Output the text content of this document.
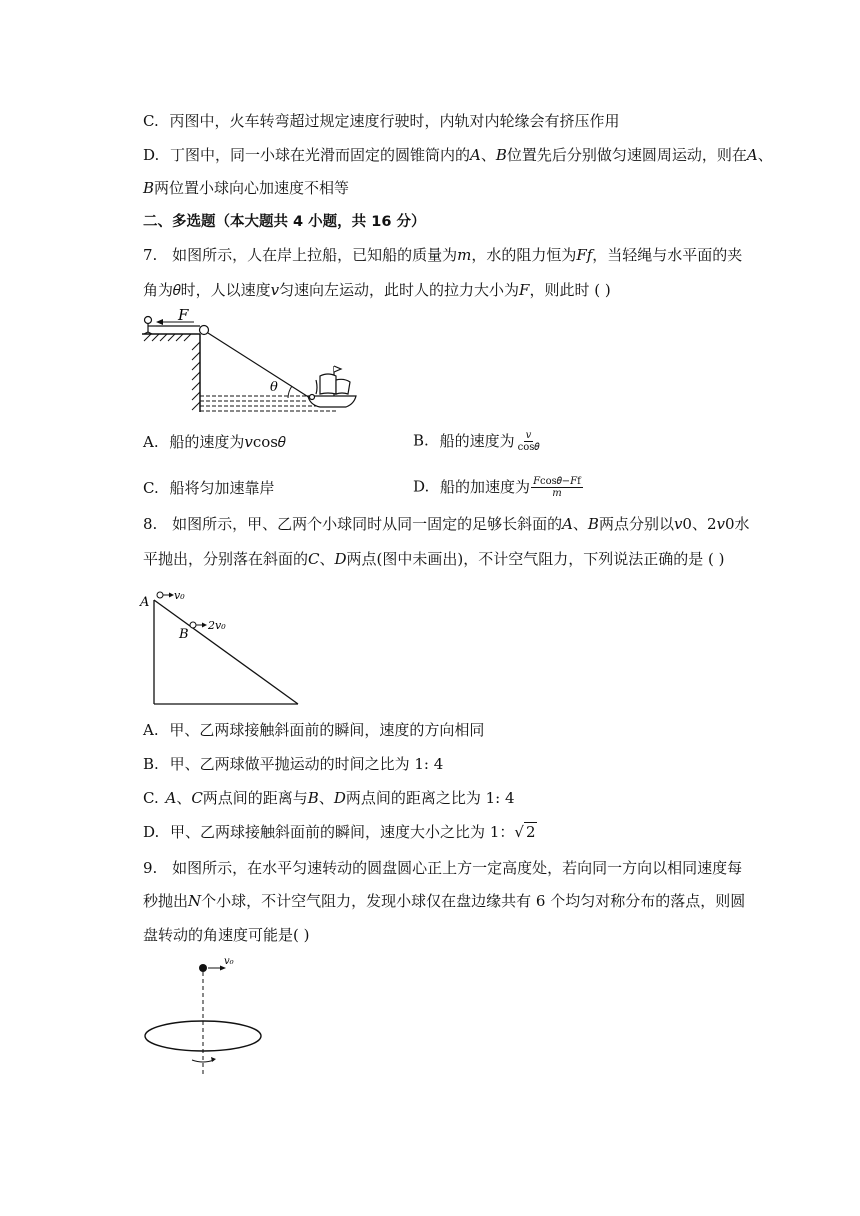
C. 丙图中，火车转弯超过规定速度行驶时，内轨对内轮缘会有挤压作用
D. 丁图中，同一小球在光滑而固定的圆锥筒内的𝐴、𝐵位置先后分别做匀速圆周运动，则在𝐴、
𝐵两位置小球向心加速度不相等
二、多选题（本大题共 4 小题，共 16 分）
7. 如图所示，人在岸上拉船，已知船的质量为𝑚，水的阻力恒为𝐹𝑓，当轻绳与水平面的夹
角为𝜃时，人以速度𝑣匀速向左运动，此时人的拉力大小为𝐹，则此时 ( )
F
θ
A. 船的速度为𝑣cos𝜃	B. 船的速度为 $\frac{\text{𝑣}}{\text{cos𝜃}}$
C. 船将匀加速靠岸	D. 船的加速度为 $\frac{\text{𝐹cos𝜃−𝐹f}}{\text{𝑚}}$
8. 如图所示，甲、乙两个小球同时从同一固定的足够长斜面的𝐴、𝐵两点分别以𝑣0、2𝑣0水
平抛出，分别落在斜面的𝐶、𝐷两点(图中未画出)，不计空气阻力，下列说法正确的是 ( )
A v₀
B
2v₀
A. 甲、乙两球接触斜面前的瞬间，速度的方向相同
B. 甲、乙两球做平抛运动的时间之比为 1: 4
C. 𝐴、𝐶两点间的距离与𝐵、𝐷两点间的距离之比为 1: 4
D. 甲、乙两球接触斜面前的瞬间，速度大小之比为 1：√ 2
9. 如图所示，在水平匀速转动的圆盘圆心正上方一定高度处，若向同一方向以相同速度每
秒抛出𝑁个小球，不计空气阻力，发现小球仅在盘边缘共有 6 个均匀对称分布的落点，则圆
盘转动的角速度可能是( )
v₀
